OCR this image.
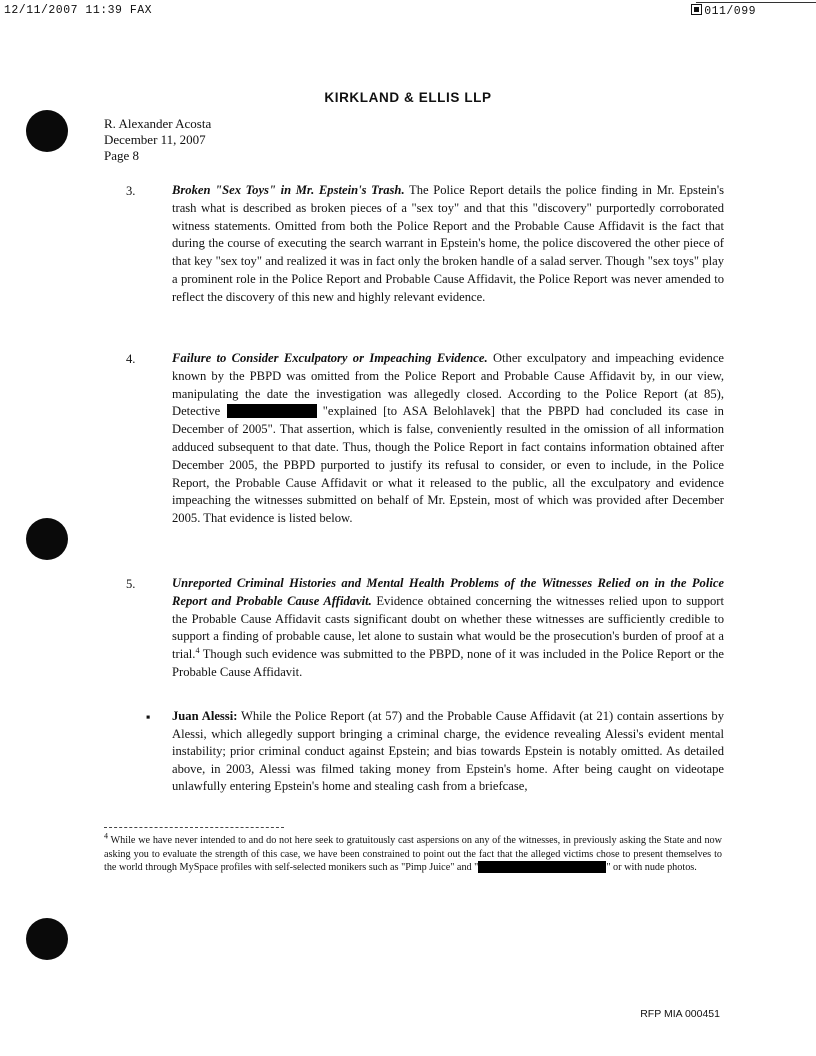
12/11/2007 11:39 FAX	011/099
KIRKLAND & ELLIS LLP
R. Alexander Acosta
December 11, 2007
Page 8
3.	Broken "Sex Toys" in Mr. Epstein's Trash. The Police Report details the police finding in Mr. Epstein's trash what is described as broken pieces of a "sex toy" and that this "discovery" purportedly corroborated witness statements. Omitted from both the Police Report and the Probable Cause Affidavit is the fact that during the course of executing the search warrant in Epstein's home, the police discovered the other piece of that key "sex toy" and realized it was in fact only the broken handle of a salad server. Though "sex toys" play a prominent role in the Police Report and Probable Cause Affidavit, the Police Report was never amended to reflect the discovery of this new and highly relevant evidence.
4.	Failure to Consider Exculpatory or Impeaching Evidence. Other exculpatory and impeaching evidence known by the PBPD was omitted from the Police Report and Probable Cause Affidavit by, in our view, manipulating the date the investigation was allegedly closed. According to the Police Report (at 85), Detective	"explained [to ASA Belohlavek] that the PBPD had concluded its case in December of 2005". That assertion, which is false, conveniently resulted in the omission of all information adduced subsequent to that date. Thus, though the Police Report in fact contains information obtained after December 2005, the PBPD purported to justify its refusal to consider, or even to include, in the Police Report, the Probable Cause Affidavit or what it released to the public, all the exculpatory and evidence impeaching the witnesses submitted on behalf of Mr. Epstein, most of which was provided after December 2005. That evidence is listed below.
5.	Unreported Criminal Histories and Mental Health Problems of the Witnesses Relied on in the Police Report and Probable Cause Affidavit. Evidence obtained concerning the witnesses relied upon to support the Probable Cause Affidavit casts significant doubt on whether these witnesses are sufficiently credible to support a finding of probable cause, let alone to sustain what would be the prosecution's burden of proof at a trial.$^4$ Though such evidence was submitted to the PBPD, none of it was included in the Police Report or the Probable Cause Affidavit.
▪ Juan Alessi: While the Police Report (at 57) and the Probable Cause Affidavit (at 21) contain assertions by Alessi, which allegedly support bringing a criminal charge, the evidence revealing Alessi's evident mental instability; prior criminal conduct against Epstein; and bias towards Epstein is notably omitted. As detailed above, in 2003, Alessi was filmed taking money from Epstein's home. After being caught on videotape unlawfully entering Epstein's home and stealing cash from a briefcase,
$^4$ While we have never intended to and do not here seek to gratuitously cast aspersions on any of the witnesses, in previously asking the State and now asking you to evaluate the strength of this case, we have been constrained to point out the fact that the alleged victims chose to present themselves to the world through MySpace profiles with self-selected monikers such as "Pimp Juice" and "	" or with nude photos.
RFP MIA 000451
